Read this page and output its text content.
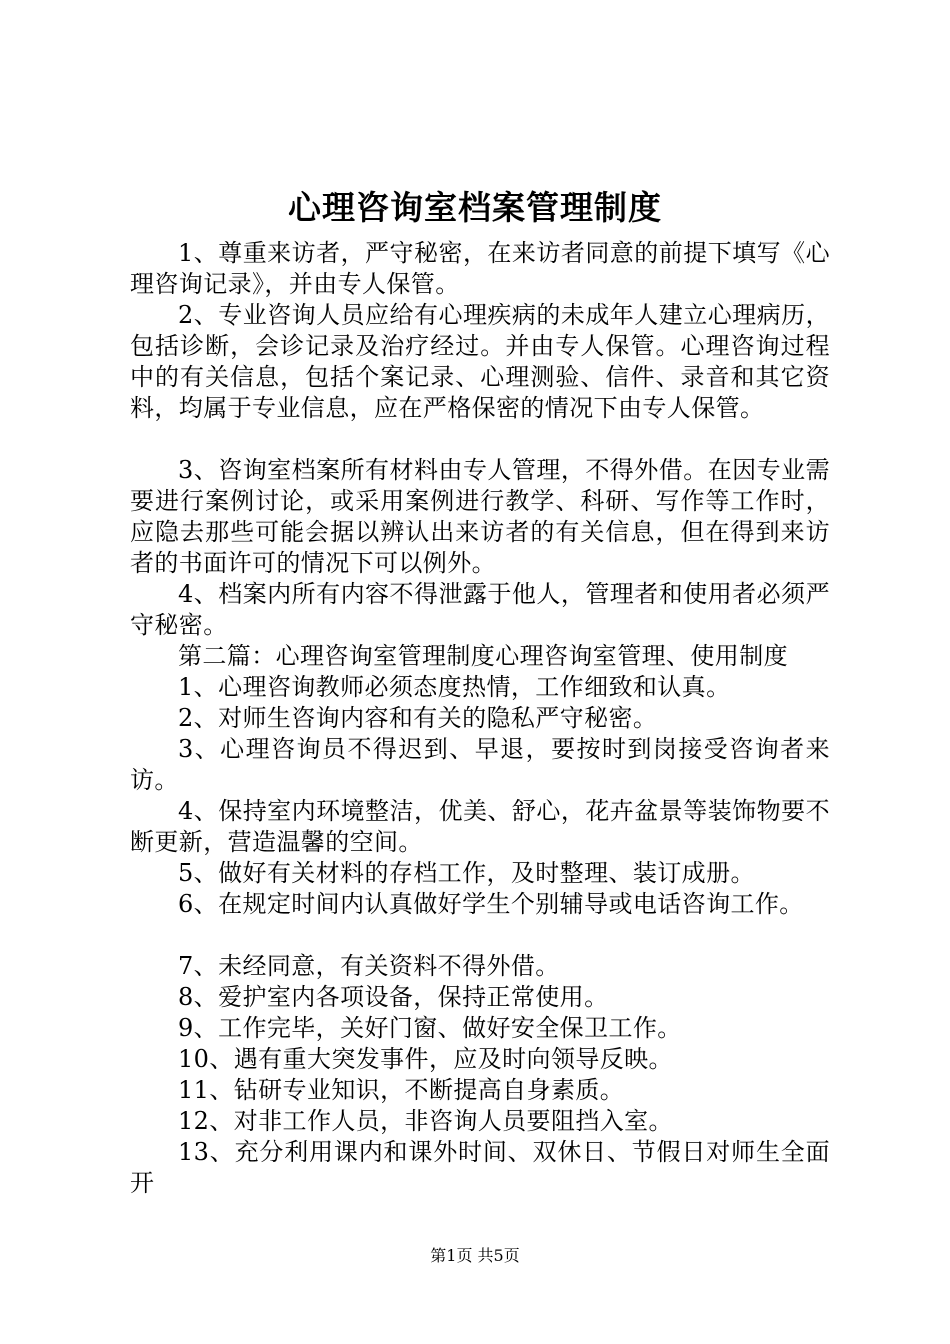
心理咨询室档案管理制度

1、尊重来访者，严守秘密，在来访者同意的前提下填写《心理咨询记录》，并由专人保管。

2、专业咨询人员应给有心理疾病的未成年人建立心理病历，包括诊断，会诊记录及治疗经过。并由专人保管。心理咨询过程中的有关信息，包括个案记录、心理测验、信件、录音和其它资料，均属于专业信息，应在严格保密的情况下由专人保管。

3、咨询室档案所有材料由专人管理，不得外借。在因专业需要进行案例讨论，或采用案例进行教学、科研、写作等工作时，应隐去那些可能会据以辨认出来访者的有关信息，但在得到来访者的书面许可的情况下可以例外。

4、档案内所有内容不得泄露于他人，管理者和使用者必须严守秘密。

第二篇：心理咨询室管理制度心理咨询室管理、使用制度

1、心理咨询教师必须态度热情，工作细致和认真。

2、对师生咨询内容和有关的隐私严守秘密。

3、心理咨询员不得迟到、早退，要按时到岗接受咨询者来访。

4、保持室内环境整洁，优美、舒心，花卉盆景等装饰物要不断更新，营造温馨的空间。

5、做好有关材料的存档工作，及时整理、装订成册。

6、在规定时间内认真做好学生个别辅导或电话咨询工作。

7、未经同意，有关资料不得外借。

8、爱护室内各项设备，保持正常使用。

9、工作完毕，关好门窗、做好安全保卫工作。

10、遇有重大突发事件，应及时向领导反映。

11、钻研专业知识，不断提高自身素质。

12、对非工作人员，非咨询人员要阻挡入室。

13、充分利用课内和课外时间、双休日、节假日对师生全面开

第1页 共5页
